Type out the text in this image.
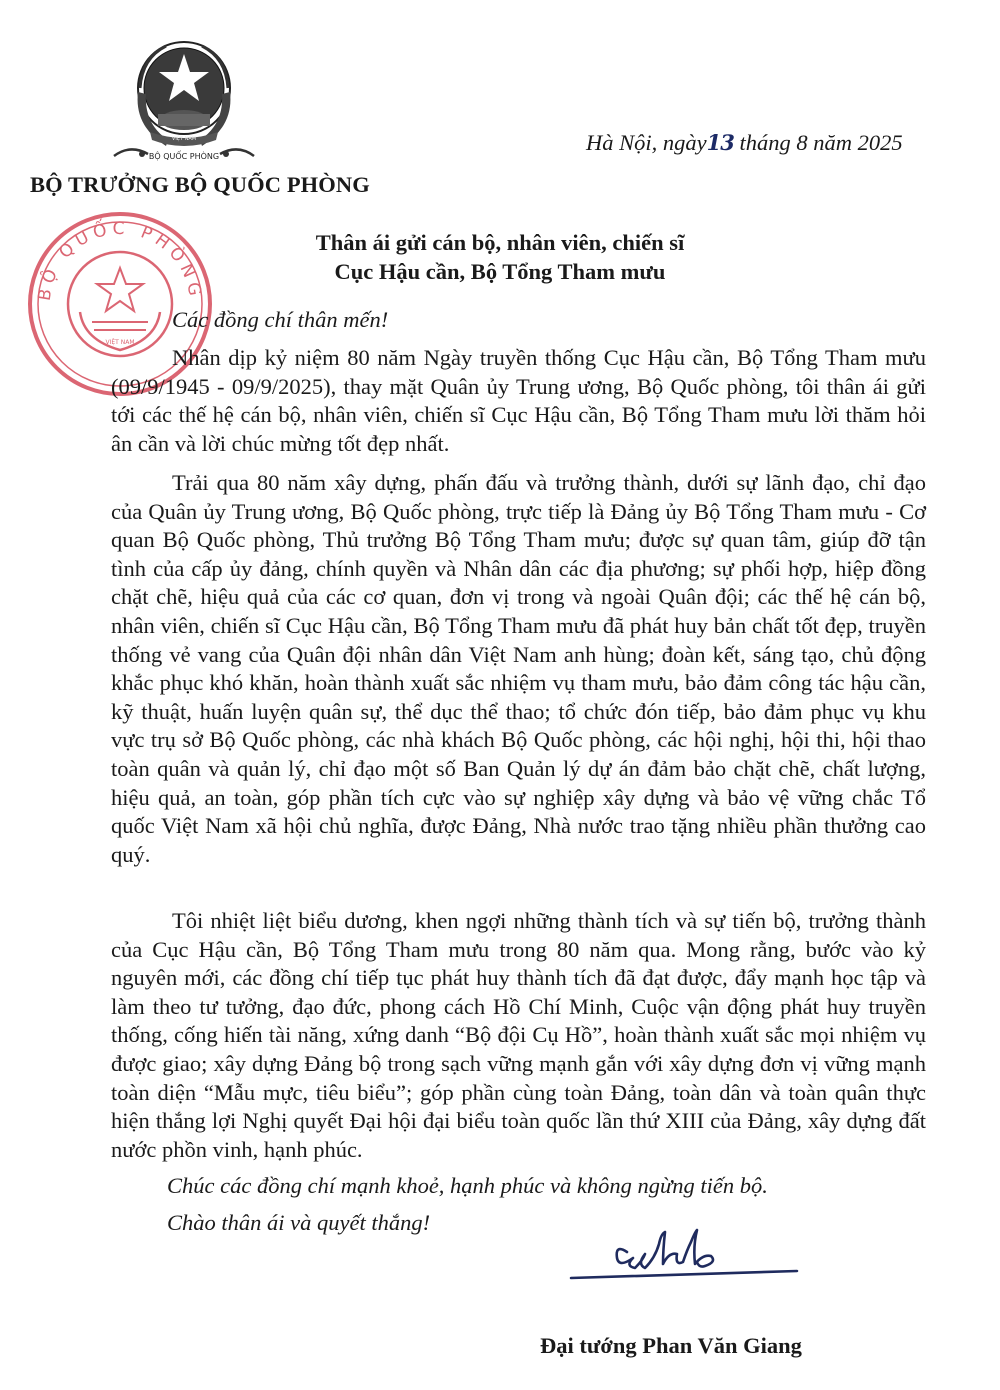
VIỆT NAM
BỘ QUỐC PHÒNG
BỘ QUỐC PHÒNG
VIỆT NAM
BỘ TRƯỞNG BỘ QUỐC PHÒNG
Hà Nội, ngày13 tháng 8 năm 2025
Thân ái gửi cán bộ, nhân viên, chiến sĩ
Cục Hậu cần, Bộ Tổng Tham mưu
Các đồng chí thân mến!

Nhân dịp kỷ niệm 80 năm Ngày truyền thống Cục Hậu cần, Bộ Tổng Tham mưu (09/9/1945 - 09/9/2025), thay mặt Quân ủy Trung ương, Bộ Quốc phòng, tôi thân ái gửi tới các thế hệ cán bộ, nhân viên, chiến sĩ Cục Hậu cần, Bộ Tổng Tham mưu lời thăm hỏi ân cần và lời chúc mừng tốt đẹp nhất.

Trải qua 80 năm xây dựng, phấn đấu và trưởng thành, dưới sự lãnh đạo, chỉ đạo của Quân ủy Trung ương, Bộ Quốc phòng, trực tiếp là Đảng ủy Bộ Tổng Tham mưu - Cơ quan Bộ Quốc phòng, Thủ trưởng Bộ Tổng Tham mưu; được sự quan tâm, giúp đỡ tận tình của cấp ủy đảng, chính quyền và Nhân dân các địa phương; sự phối hợp, hiệp đồng chặt chẽ, hiệu quả của các cơ quan, đơn vị trong và ngoài Quân đội; các thế hệ cán bộ, nhân viên, chiến sĩ Cục Hậu cần, Bộ Tổng Tham mưu đã phát huy bản chất tốt đẹp, truyền thống vẻ vang của Quân đội nhân dân Việt Nam anh hùng; đoàn kết, sáng tạo, chủ động khắc phục khó khăn, hoàn thành xuất sắc nhiệm vụ tham mưu, bảo đảm công tác hậu cần, kỹ thuật, huấn luyện quân sự, thể dục thể thao; tổ chức đón tiếp, bảo đảm phục vụ khu vực trụ sở Bộ Quốc phòng, các nhà khách Bộ Quốc phòng, các hội nghị, hội thi, hội thao toàn quân và quản lý, chỉ đạo một số Ban Quản lý dự án đảm bảo chặt chẽ, chất lượng, hiệu quả, an toàn, góp phần tích cực vào sự nghiệp xây dựng và bảo vệ vững chắc Tổ quốc Việt Nam xã hội chủ nghĩa, được Đảng, Nhà nước trao tặng nhiều phần thưởng cao quý.

Tôi nhiệt liệt biểu dương, khen ngợi những thành tích và sự tiến bộ, trưởng thành của Cục Hậu cần, Bộ Tổng Tham mưu trong 80 năm qua. Mong rằng, bước vào kỷ nguyên mới, các đồng chí tiếp tục phát huy thành tích đã đạt được, đẩy mạnh học tập và làm theo tư tưởng, đạo đức, phong cách Hồ Chí Minh, Cuộc vận động phát huy truyền thống, cống hiến tài năng, xứng danh “Bộ đội Cụ Hồ”, hoàn thành xuất sắc mọi nhiệm vụ được giao; xây dựng Đảng bộ trong sạch vững mạnh gắn với xây dựng đơn vị vững mạnh toàn diện “Mẫu mực, tiêu biểu”; góp phần cùng toàn Đảng, toàn dân và toàn quân thực hiện thắng lợi Nghị quyết Đại hội đại biểu toàn quốc lần thứ XIII của Đảng, xây dựng đất nước phồn vinh, hạnh phúc.

Chúc các đồng chí mạnh khoẻ, hạnh phúc và không ngừng tiến bộ.
Chào thân ái và quyết thắng!
Đại tướng Phan Văn Giang
